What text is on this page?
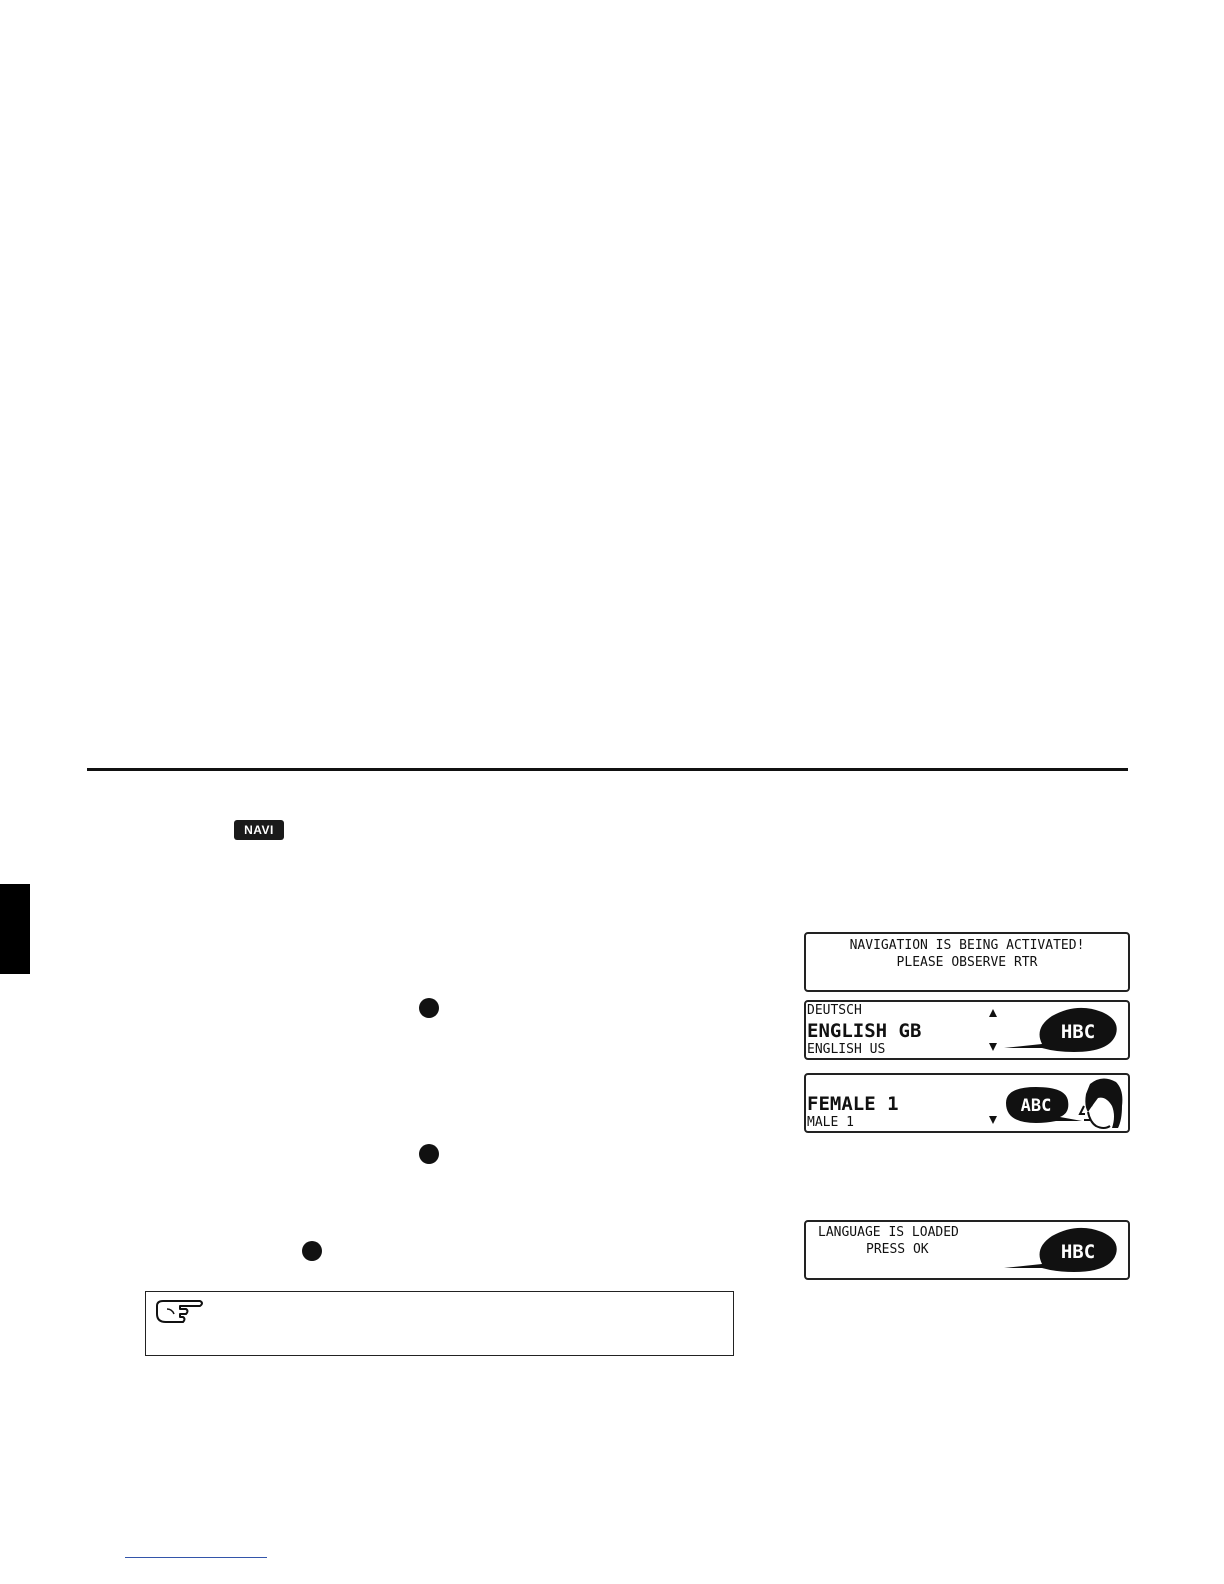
NAVI
NAVIGATION IS BEING ACTIVATED!
PLEASE OBSERVE RTR
DEUTSCH
ENGLISH GB
ENGLISH US
HBC
FEMALE 1
MALE 1
ABC
LANGUAGE IS LOADED
PRESS OK	HBC
